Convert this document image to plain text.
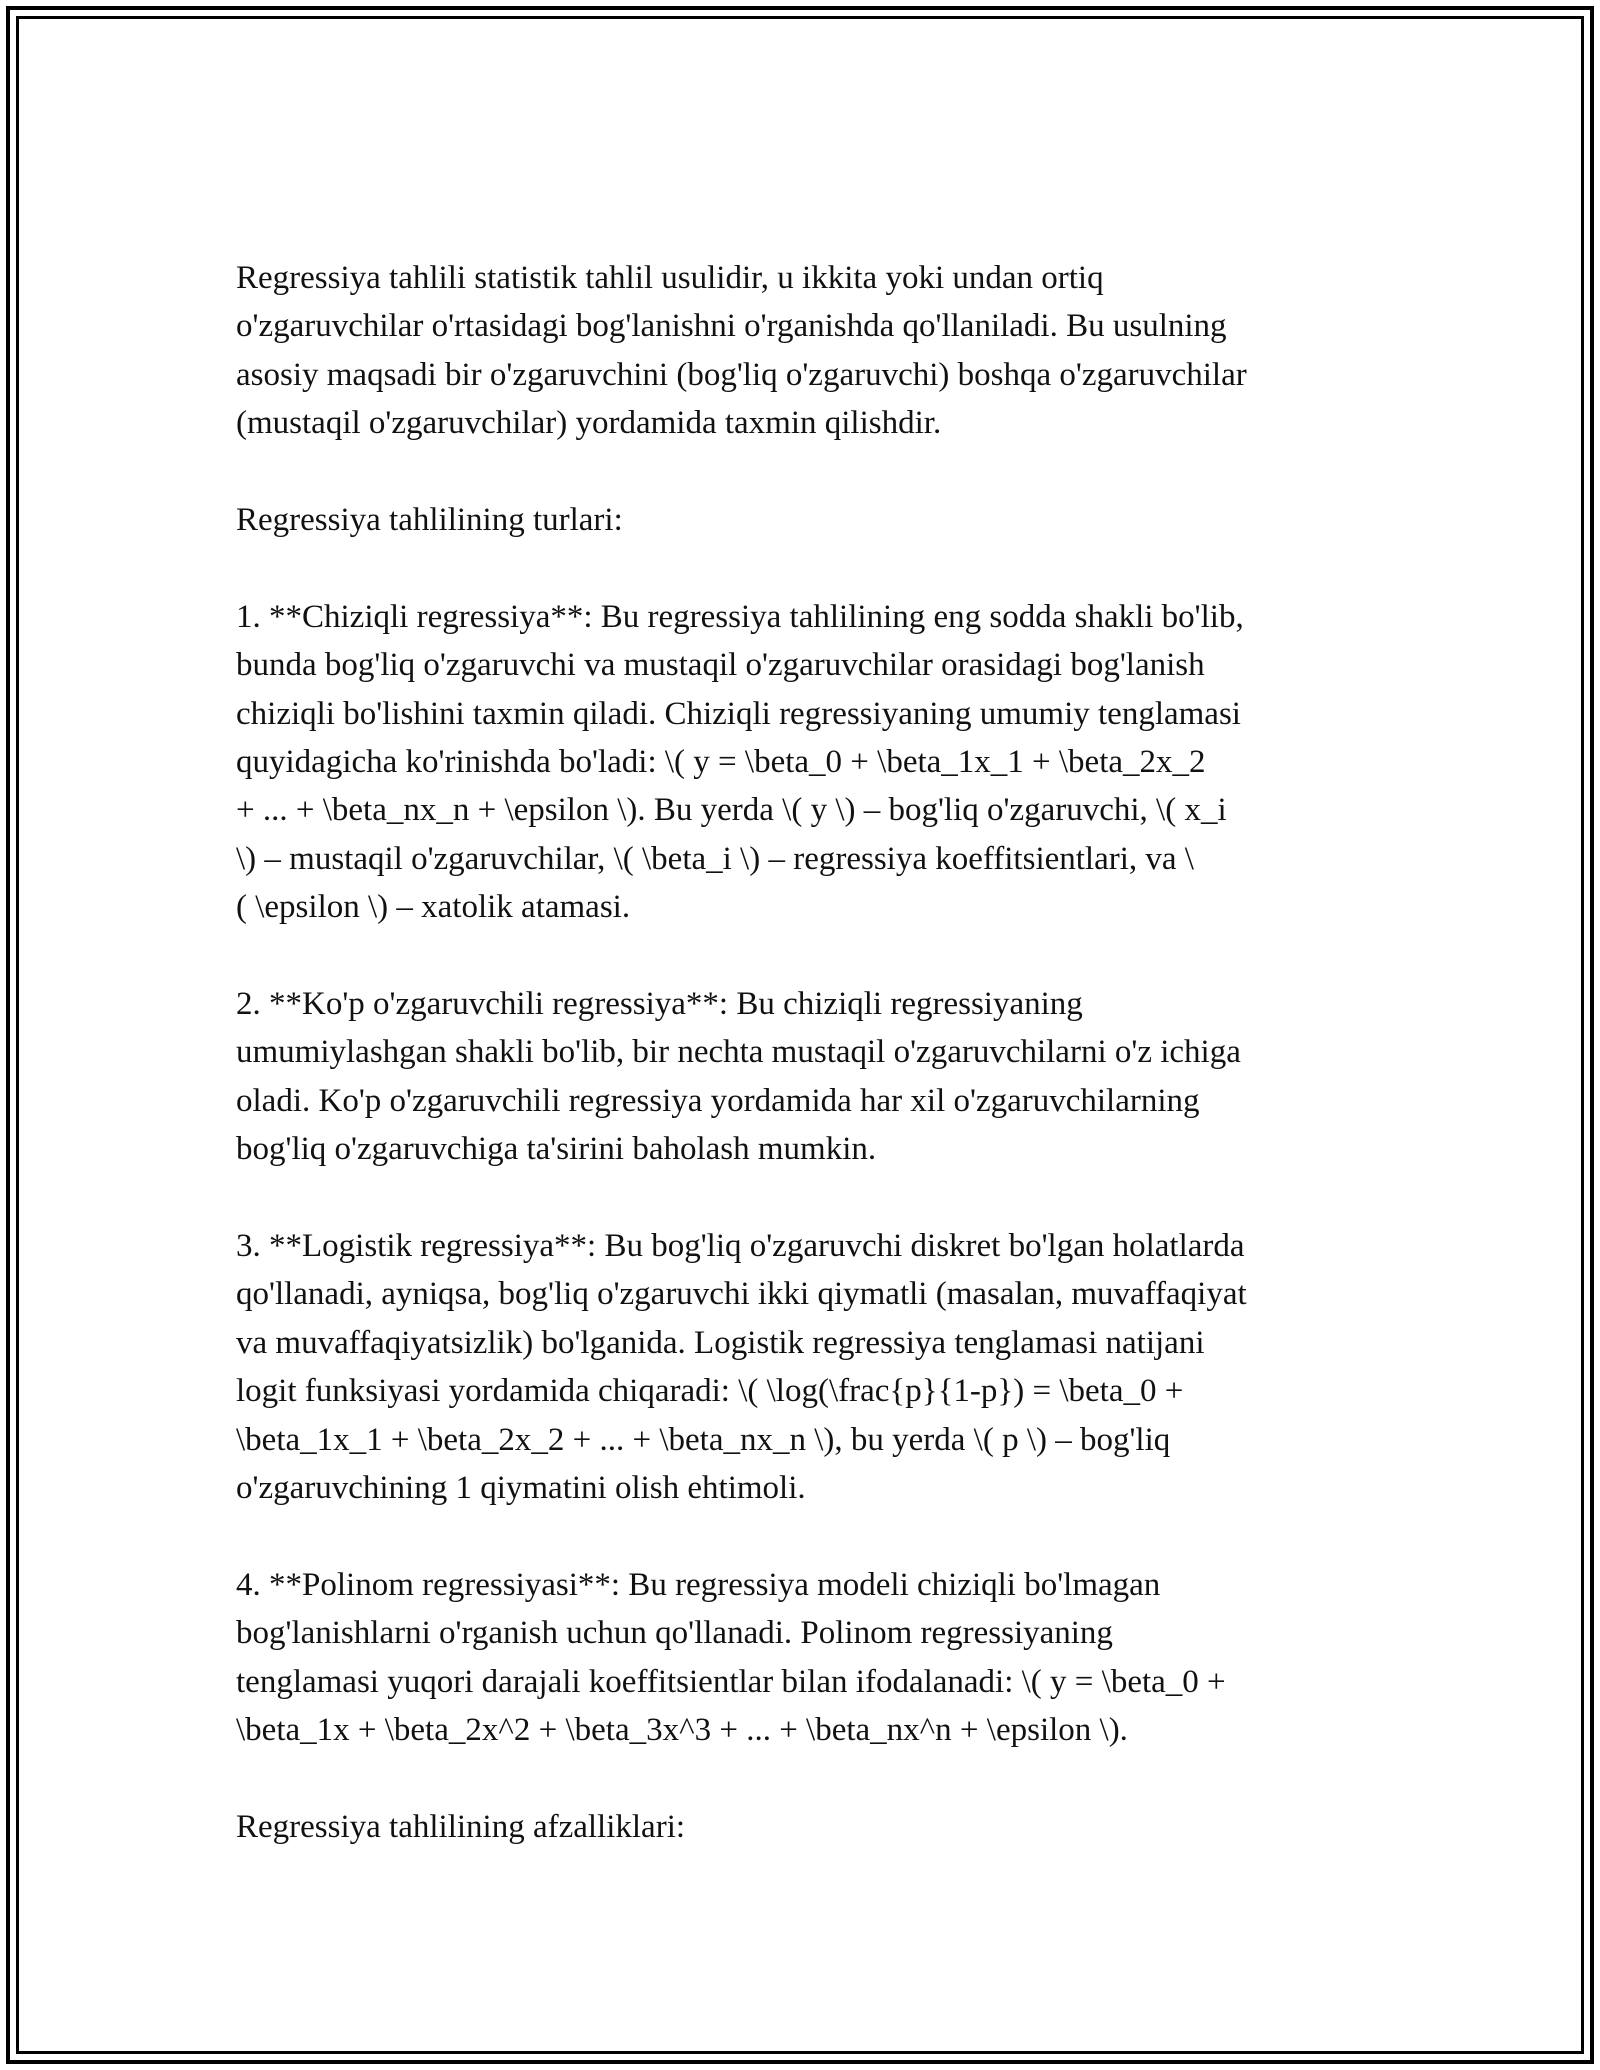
Regressiya tahlili statistik tahlil usulidir, u ikkita yoki undan ortiq
o'zgaruvchilar o'rtasidagi bog'lanishni o'rganishda qo'llaniladi. Bu usulning
asosiy maqsadi bir o'zgaruvchini (bog'liq o'zgaruvchi) boshqa o'zgaruvchilar
(mustaqil o'zgaruvchilar) yordamida taxmin qilishdir.

Regressiya tahlilining turlari:

1. **Chiziqli regressiya**: Bu regressiya tahlilining eng sodda shakli bo'lib,
bunda bog'liq o'zgaruvchi va mustaqil o'zgaruvchilar orasidagi bog'lanish
chiziqli bo'lishini taxmin qiladi. Chiziqli regressiyaning umumiy tenglamasi
quyidagicha ko'rinishda bo'ladi: \( y = \beta_0 + \beta_1x_1 + \beta_2x_2
+ ... + \beta_nx_n + \epsilon \). Bu yerda \( y \) – bog'liq o'zgaruvchi, \( x_i
\) – mustaqil o'zgaruvchilar, \( \beta_i \) – regressiya koeffitsientlari, va \
( \epsilon \) – xatolik atamasi.

2. **Ko'p o'zgaruvchili regressiya**: Bu chiziqli regressiyaning
umumiylashgan shakli bo'lib, bir nechta mustaqil o'zgaruvchilarni o'z ichiga
oladi. Ko'p o'zgaruvchili regressiya yordamida har xil o'zgaruvchilarning
bog'liq o'zgaruvchiga ta'sirini baholash mumkin.

3. **Logistik regressiya**: Bu bog'liq o'zgaruvchi diskret bo'lgan holatlarda
qo'llanadi, ayniqsa, bog'liq o'zgaruvchi ikki qiymatli (masalan, muvaffaqiyat
va muvaffaqiyatsizlik) bo'lganida. Logistik regressiya tenglamasi natijani
logit funksiyasi yordamida chiqaradi: \( \log(\frac{p}{1-p}) = \beta_0 +
\beta_1x_1 + \beta_2x_2 + ... + \beta_nx_n \), bu yerda \( p \) – bog'liq
o'zgaruvchining 1 qiymatini olish ehtimoli.

4. **Polinom regressiyasi**: Bu regressiya modeli chiziqli bo'lmagan
bog'lanishlarni o'rganish uchun qo'llanadi. Polinom regressiyaning
tenglamasi yuqori darajali koeffitsientlar bilan ifodalanadi: \( y = \beta_0 +
\beta_1x + \beta_2x^2 + \beta_3x^3 + ... + \beta_nx^n + \epsilon \).

Regressiya tahlilining afzalliklari:
